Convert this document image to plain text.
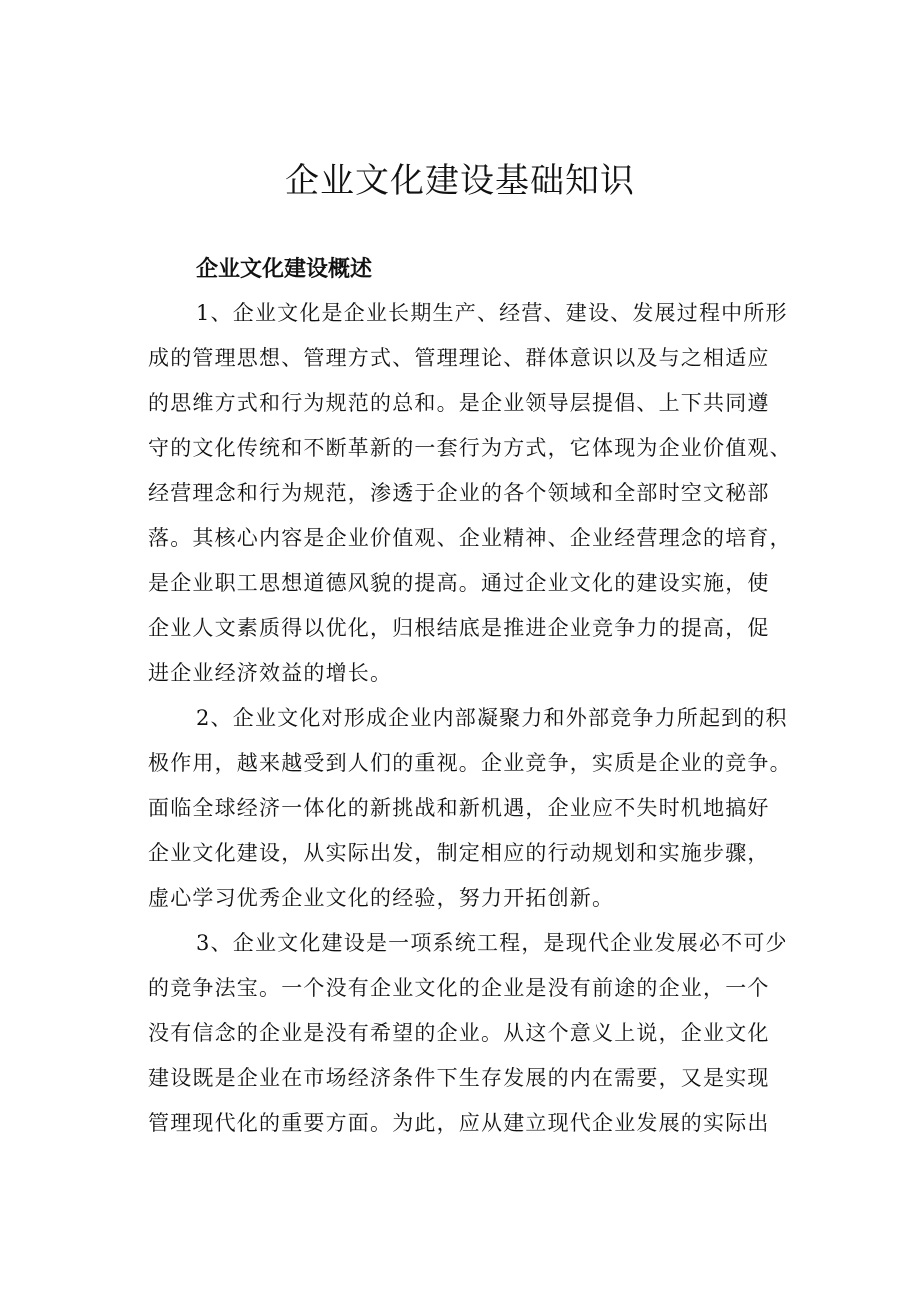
企业文化建设基础知识
企业文化建设概述
1、企业文化是企业长期生产、经营、建设、发展过程中所形
成的管理思想、管理方式、管理理论、群体意识以及与之相适应
的思维方式和行为规范的总和。是企业领导层提倡、上下共同遵
守的文化传统和不断革新的一套行为方式，它体现为企业价值观、
经营理念和行为规范，渗透于企业的各个领域和全部时空文秘部
落。其核心内容是企业价值观、企业精神、企业经营理念的培育，
是企业职工思想道德风貌的提高。通过企业文化的建设实施，使
企业人文素质得以优化，归根结底是推进企业竞争力的提高，促
进企业经济效益的增长。
2、企业文化对形成企业内部凝聚力和外部竞争力所起到的积
极作用，越来越受到人们的重视。企业竞争，实质是企业的竞争。
面临全球经济一体化的新挑战和新机遇，企业应不失时机地搞好
企业文化建设，从实际出发，制定相应的行动规划和实施步骤，
虚心学习优秀企业文化的经验，努力开拓创新。
3、企业文化建设是一项系统工程，是现代企业发展必不可少
的竞争法宝。一个没有企业文化的企业是没有前途的企业，一个
没有信念的企业是没有希望的企业。从这个意义上说，企业文化
建设既是企业在市场经济条件下生存发展的内在需要，又是实现
管理现代化的重要方面。为此，应从建立现代企业发展的实际出
